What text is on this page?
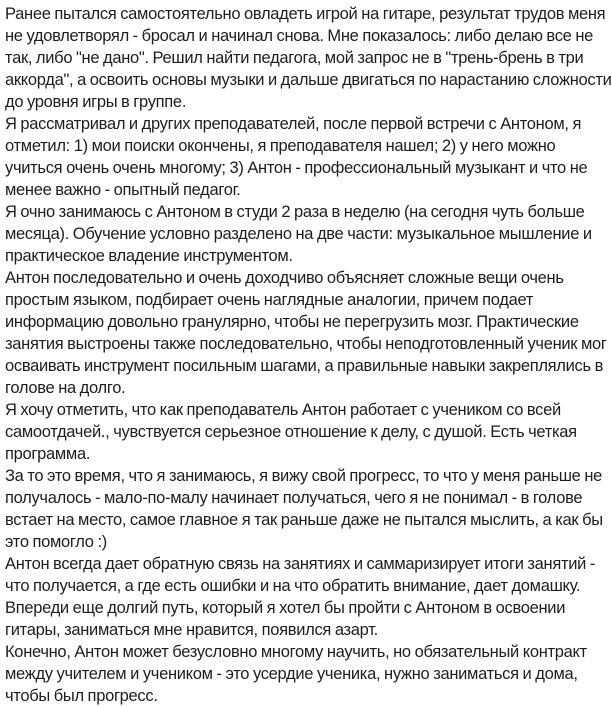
Ранее пытался самостоятельно овладеть игрой на гитаре, результат трудов меня не удовлетворял - бросал и начинал снова. Мне показалось: либо делаю все не так, либо "не дано". Решил найти педагога, мой запрос не в "трень-брень в три аккорда", а освоить основы музыки и дальше двигаться по нарастанию сложности до уровня игры в группе.

Я рассматривал и других преподавателей, после первой встречи с Антоном, я отметил: 1) мои поиски окончены, я преподавателя нашел; 2) у него можно учиться очень очень многому; 3) Антон - профессиональный музыкант и что не менее важно - опытный педагог.

Я очно занимаюсь с Антоном в студи 2 раза в неделю (на сегодня чуть больше месяца). Обучение условно разделено на две части: музыкальное мышление и практическое владение инструментом.

Антон последовательно и очень доходчиво объясняет сложные вещи очень простым языком, подбирает очень наглядные аналогии, причем подает информацию довольно гранулярно, чтобы не перегрузить мозг. Практические занятия выстроены также последовательно, чтобы неподготовленный ученик мог осваивать инструмент посильным шагами, а правильные навыки закреплялись в голове на долго.

Я хочу отметить, что как преподаватель Антон работает с учеником со всей самоотдачей., чувствуется серьезное отношение к делу, с душой. Есть четкая программа.

За то это время, что я занимаюсь, я вижу свой прогресс, то что у меня раньше не получалось - мало-по-малу начинает получаться, чего я не понимал - в голове встает на место, самое главное я так раньше даже не пытался мыслить, а как бы это помогло :)

Антон всегда дает обратную связь на занятиях и саммаризирует итоги занятий - что получается, а где есть ошибки и на что обратить внимание, дает домашку.

Впереди еще долгий путь, который я хотел бы пройти с Антоном в освоении гитары, заниматься мне нравится, появился азарт.

Конечно, Антон может безусловно многому научить, но обязательный контракт между учителем и учеником - это усердие ученика, нужно заниматься и дома, чтобы был прогресс.
